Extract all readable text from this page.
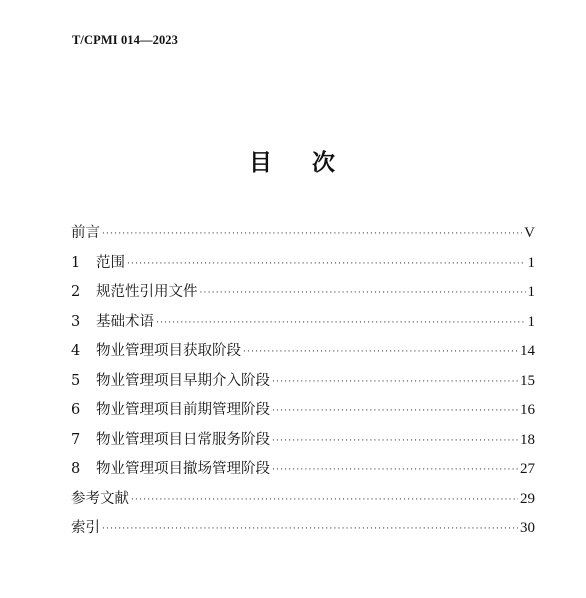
T/CPMI 014—2023
目 次
前言 ·····	V
1	范围 ·····	1
2	规范性引用文件 ·····	1
3	基础术语 ·····	1
4	物业管理项目获取阶段 ·····	14
5	物业管理项目早期介入阶段 ·····	15
6	物业管理项目前期管理阶段 ·····	16
7	物业管理项目日常服务阶段 ·····	18
8	物业管理项目撤场管理阶段 ·····	27
参考文献 ·····	29
索引 ·····	30
